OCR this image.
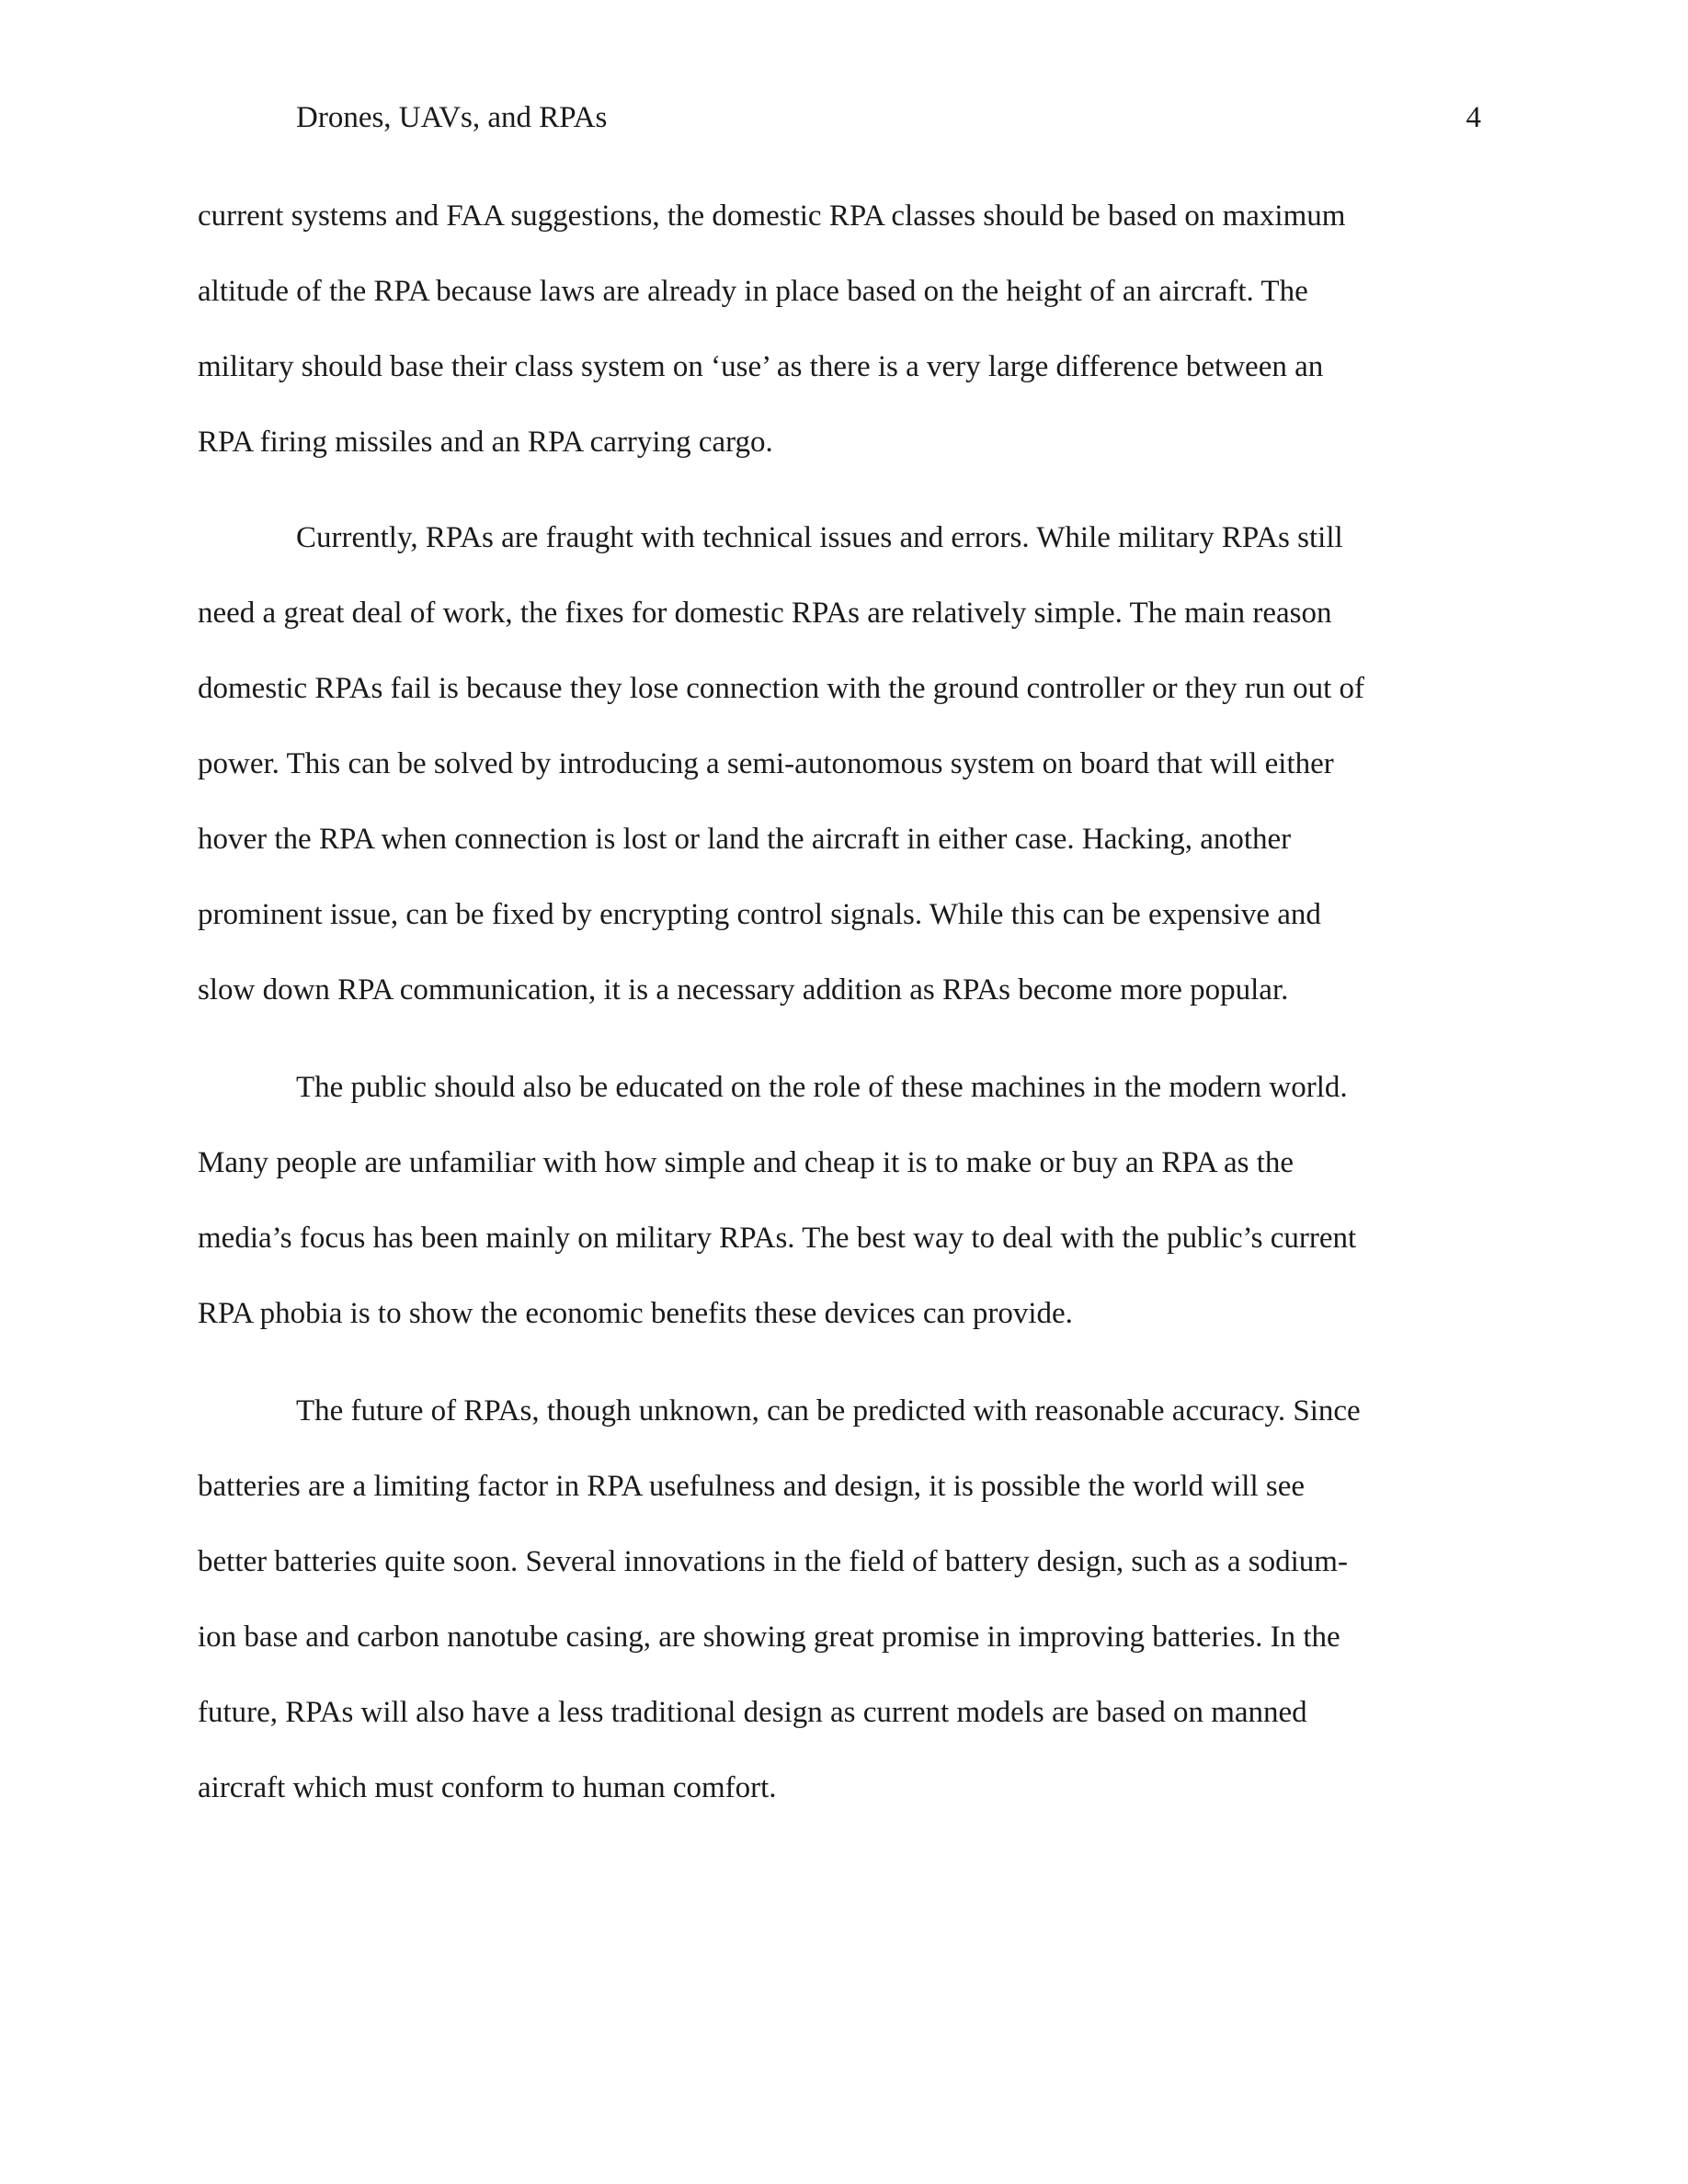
Drones, UAVs, and RPAs	4
current systems and FAA suggestions, the domestic RPA classes should be based on maximum
altitude of the RPA because laws are already in place based on the height of an aircraft. The
military should base their class system on ‘use’ as there is a very large difference between an
RPA firing missiles and an RPA carrying cargo.
Currently, RPAs are fraught with technical issues and errors. While military RPAs still
need a great deal of work, the fixes for domestic RPAs are relatively simple. The main reason
domestic RPAs fail is because they lose connection with the ground controller or they run out of
power. This can be solved by introducing a semi-autonomous system on board that will either
hover the RPA when connection is lost or land the aircraft in either case. Hacking, another
prominent issue, can be fixed by encrypting control signals. While this can be expensive and
slow down RPA communication, it is a necessary addition as RPAs become more popular.
The public should also be educated on the role of these machines in the modern world.
Many people are unfamiliar with how simple and cheap it is to make or buy an RPA as the
media’s focus has been mainly on military RPAs. The best way to deal with the public’s current
RPA phobia is to show the economic benefits these devices can provide.
The future of RPAs, though unknown, can be predicted with reasonable accuracy. Since
batteries are a limiting factor in RPA usefulness and design, it is possible the world will see
better batteries quite soon. Several innovations in the field of battery design, such as a sodium-
ion base and carbon nanotube casing, are showing great promise in improving batteries. In the
future, RPAs will also have a less traditional design as current models are based on manned
aircraft which must conform to human comfort.
